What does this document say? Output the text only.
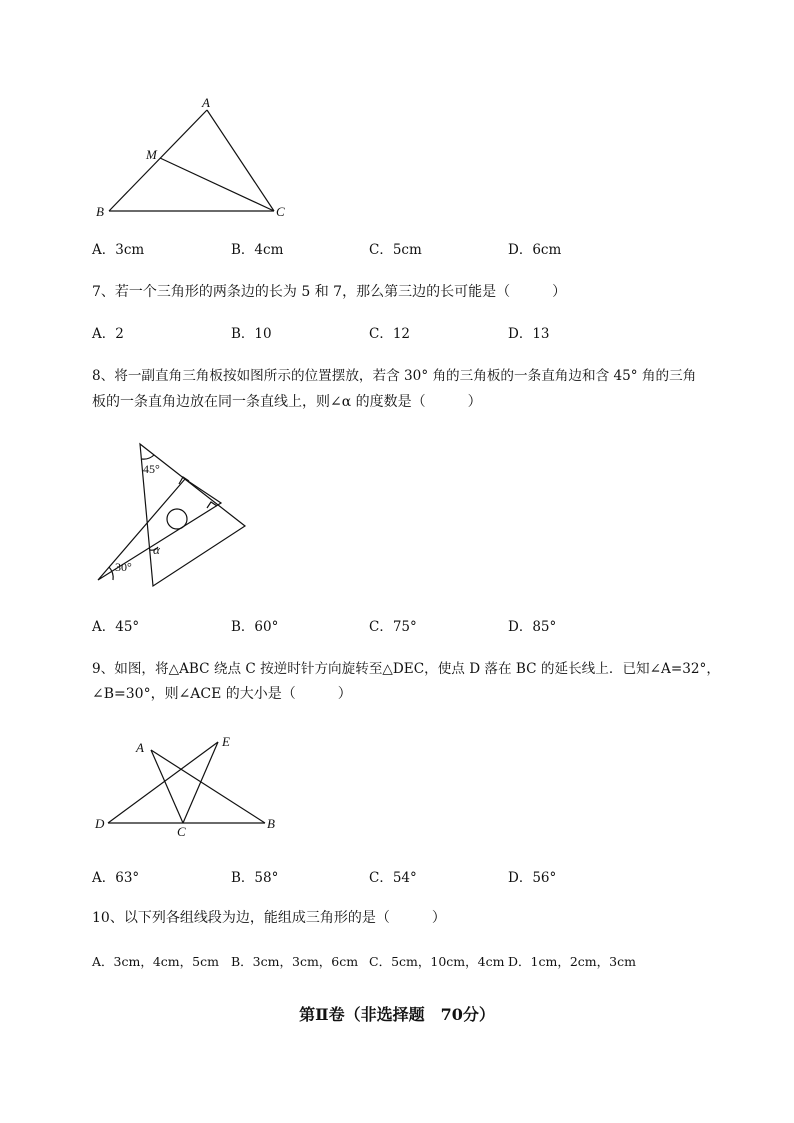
A
M
B	C
A．3cm	B．4cm	C．5cm	D．6cm
7、若一个三角形的两条边的长为 5 和 7，那么第三边的长可能是（　　　）
A．2	B．10	C．12	D．13
8、将一副直角三角板按如图所示的位置摆放，若含 30° 角的三角板的一条直角边和含 45° 角的三角
板的一条直角边放在同一条直线上，则∠α 的度数是（　　　）
45°
30°
α
A．45°	B．60°	C．75°	D．85°
9、如图，将△ABC 绕点 C 按逆时针方向旋转至△DEC，使点 D 落在 BC 的延长线上．已知∠A=32°，
∠B=30°，则∠ACE 的大小是（　　　）
A	E
D
C
B
A．63°	B．58°	C．54°	D．56°
10、以下列各组线段为边，能组成三角形的是（　　　）
A．3cm，4cm，5cm B．3cm，3cm，6cm C．5cm，10cm，4cm D．1cm，2cm，3cm
第Ⅱ卷（非选择题　70分）
